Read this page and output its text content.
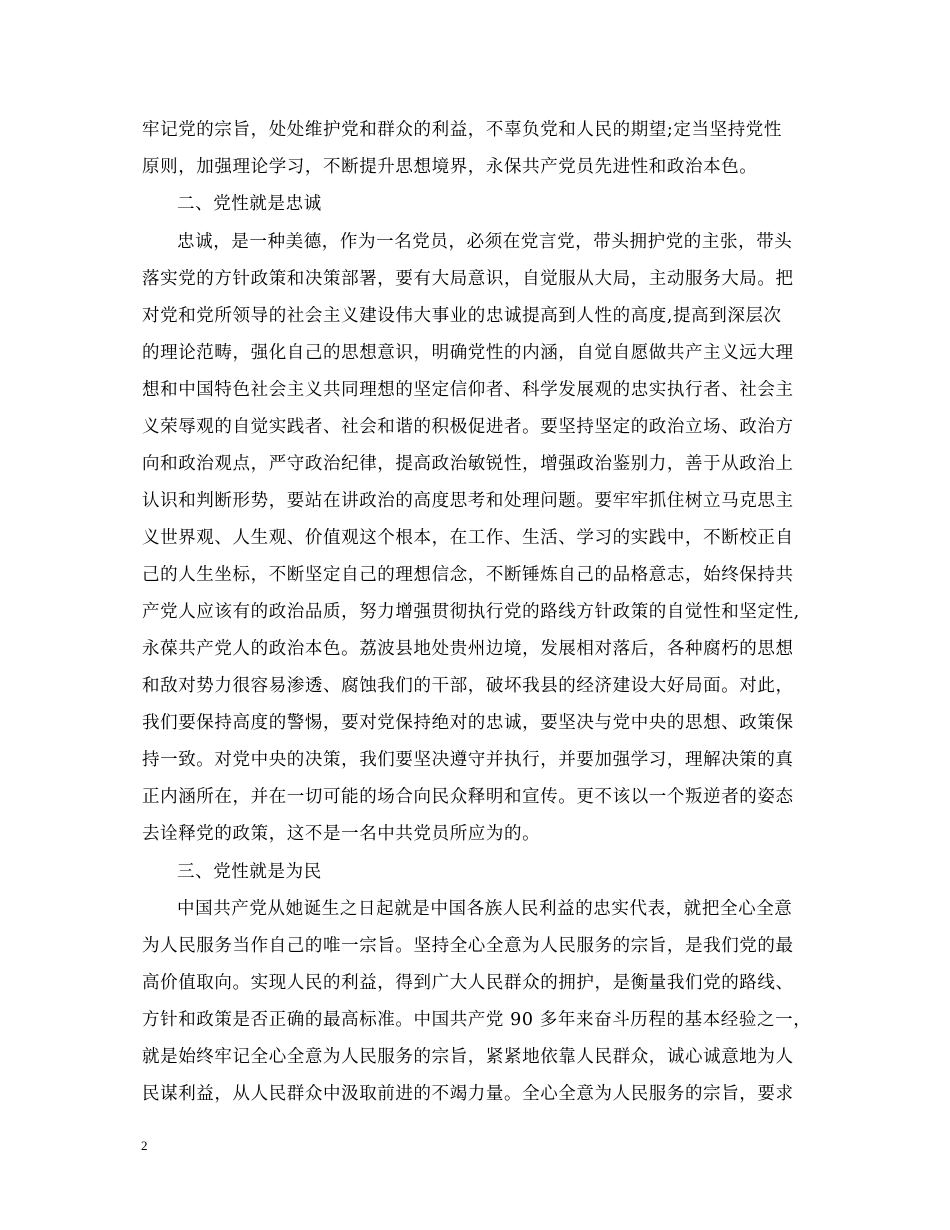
牢记党的宗旨，处处维护党和群众的利益，不辜负党和人民的期望;定当坚持党性
原则，加强理论学习，不断提升思想境界，永保共产党员先进性和政治本色。
二、党性就是忠诚
忠诚，是一种美德，作为一名党员，必须在党言党，带头拥护党的主张，带头
落实党的方针政策和决策部署，要有大局意识，自觉服从大局，主动服务大局。把
对党和党所领导的社会主义建设伟大事业的忠诚提高到人性的高度,提高到深层次
的理论范畴，强化自己的思想意识，明确党性的内涵，自觉自愿做共产主义远大理
想和中国特色社会主义共同理想的坚定信仰者、科学发展观的忠实执行者、社会主
义荣辱观的自觉实践者、社会和谐的积极促进者。要坚持坚定的政治立场、政治方
向和政治观点，严守政治纪律，提高政治敏锐性，增强政治鉴别力，善于从政治上
认识和判断形势，要站在讲政治的高度思考和处理问题。要牢牢抓住树立马克思主
义世界观、人生观、价值观这个根本，在工作、生活、学习的实践中，不断校正自
己的人生坐标，不断坚定自己的理想信念，不断锤炼自己的品格意志，始终保持共
产党人应该有的政治品质，努力增强贯彻执行党的路线方针政策的自觉性和坚定性,
永葆共产党人的政治本色。荔波县地处贵州边境，发展相对落后，各种腐朽的思想
和敌对势力很容易渗透、腐蚀我们的干部，破坏我县的经济建设大好局面。对此，
我们要保持高度的警惕，要对党保持绝对的忠诚，要坚决与党中央的思想、政策保
持一致。对党中央的决策，我们要坚决遵守并执行，并要加强学习，理解决策的真
正内涵所在，并在一切可能的场合向民众释明和宣传。更不该以一个叛逆者的姿态
去诠释党的政策，这不是一名中共党员所应为的。
三、党性就是为民
中国共产党从她诞生之日起就是中国各族人民利益的忠实代表，就把全心全意
为人民服务当作自己的唯一宗旨。坚持全心全意为人民服务的宗旨，是我们党的最
高价值取向。实现人民的利益，得到广大人民群众的拥护，是衡量我们党的路线、
方针和政策是否正确的最高标准。中国共产党 90 多年来奋斗历程的基本经验之一，
就是始终牢记全心全意为人民服务的宗旨，紧紧地依靠人民群众，诚心诚意地为人
民谋利益，从人民群众中汲取前进的不竭力量。全心全意为人民服务的宗旨，要求
2
